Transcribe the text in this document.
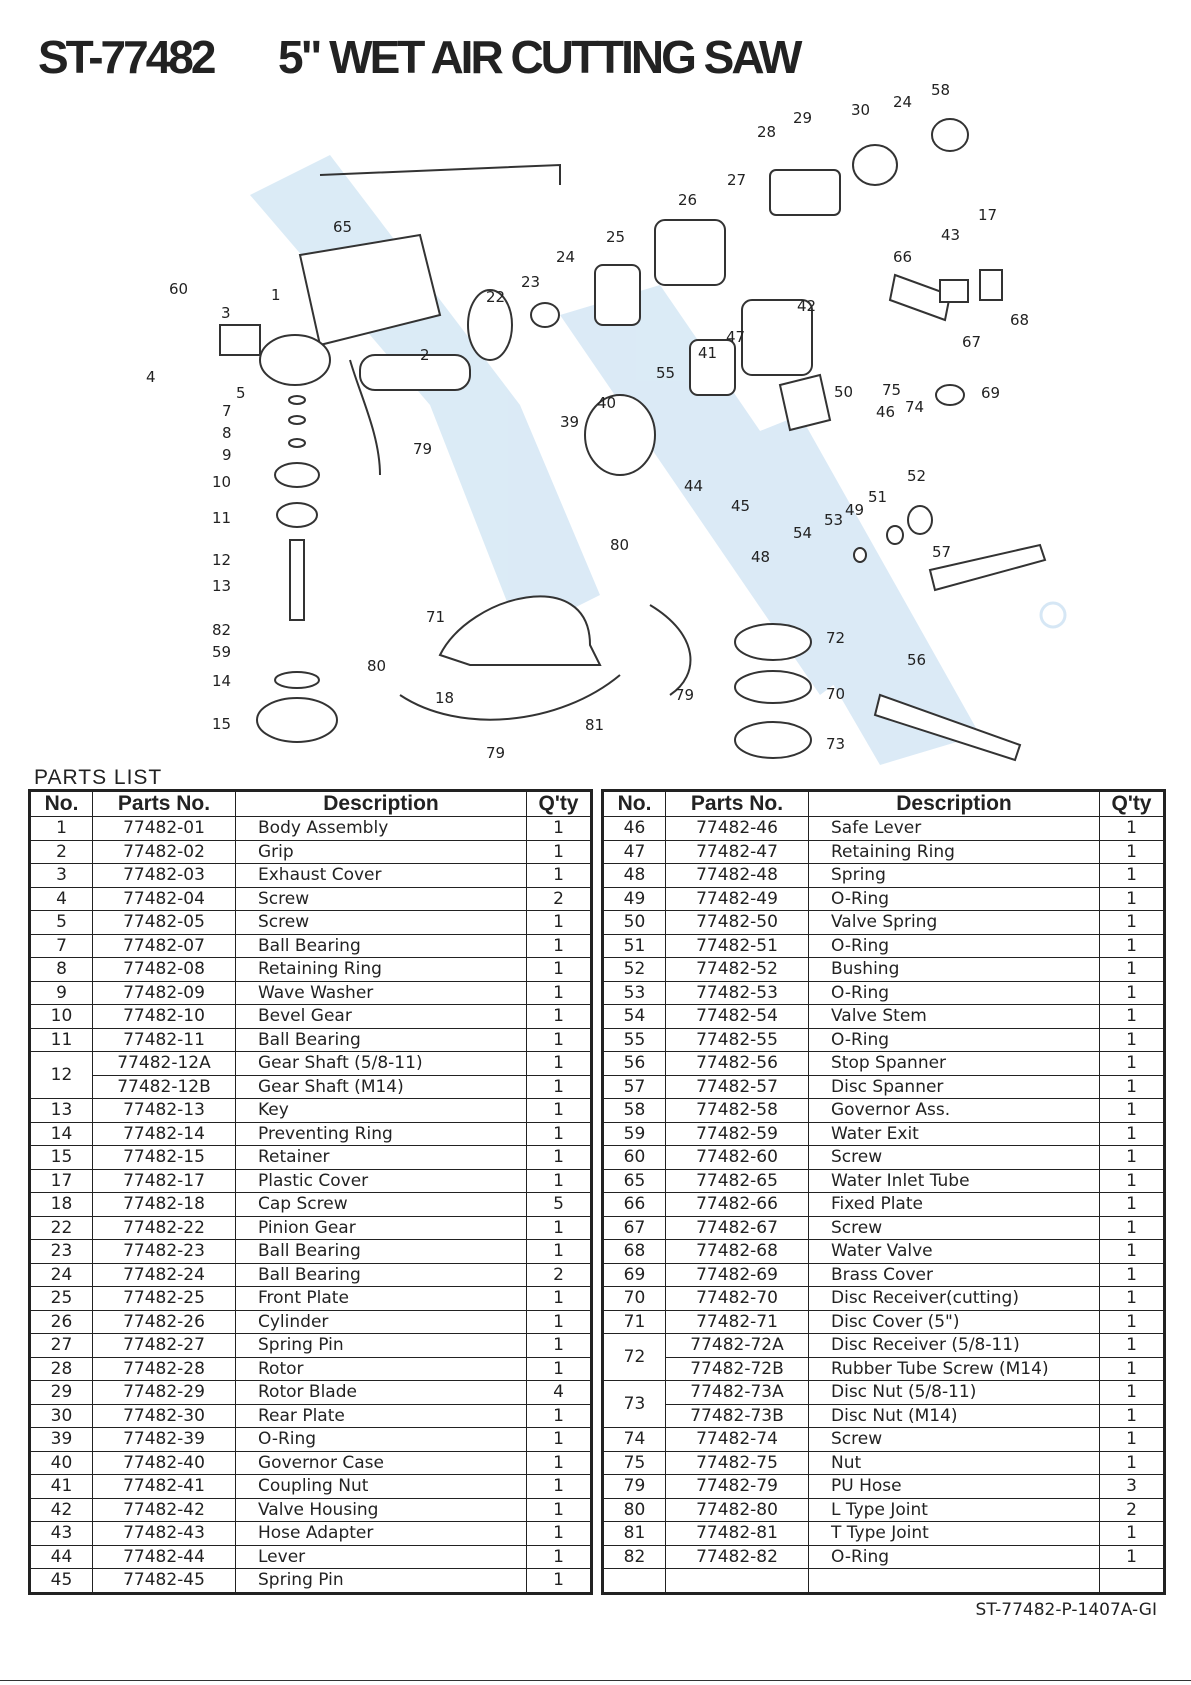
ST-77482 5" WET AIR CUTTING SAW
58
29	30 24
28
27
26
17
43
65
25
24	66
60	1	22
23
3	68
42
67
47
2	41
4
5
55
75
50
74
69
7	46
40
39
79
8
9
10	44
52
45	51
49
53
11
80
54
57
48
12
13
71
82
59
72
14
56
80
18	70
79
15	81
73
79
PARTS LIST
No.	Parts No.	Description	Q'ty
1	77482-01	Body Assembly	1
2	77482-02	Grip	1
3	77482-03	Exhaust Cover	1
4	77482-04	Screw	2
5	77482-05	Screw	1
7	77482-07	Ball Bearing	1
8	77482-08	Retaining Ring	1
9	77482-09	Wave Washer	1
10	77482-10	Bevel Gear	1
11	77482-11	Ball Bearing	1
12	77482-12A	Gear Shaft (5/8-11)	1
	77482-12B	Gear Shaft (M14)	1
13	77482-13	Key	1
14	77482-14	Preventing Ring	1
15	77482-15	Retainer	1
17	77482-17	Plastic Cover	1
18	77482-18	Cap Screw	5
22	77482-22	Pinion Gear	1
23	77482-23	Ball Bearing	1
24	77482-24	Ball Bearing	2
25	77482-25	Front Plate	1
26	77482-26	Cylinder	1
27	77482-27	Spring Pin	1
28	77482-28	Rotor	1
29	77482-29	Rotor Blade	4
30	77482-30	Rear Plate	1
39	77482-39	O-Ring	1
40	77482-40	Governor Case	1
41	77482-41	Coupling Nut	1
42	77482-42	Valve Housing	1
43	77482-43	Hose Adapter	1
44	77482-44	Lever	1
45	77482-45	Spring Pin	1
No.	Parts No.	Description	Q'ty
46	77482-46	Safe Lever	1
47	77482-47	Retaining Ring	1
48	77482-48	Spring	1
49	77482-49	O-Ring	1
50	77482-50	Valve Spring	1
51	77482-51	O-Ring	1
52	77482-52	Bushing	1
53	77482-53	O-Ring	1
54	77482-54	Valve Stem	1
55	77482-55	O-Ring	1
56	77482-56	Stop Spanner	1
57	77482-57	Disc Spanner	1
58	77482-58	Governor Ass.	1
59	77482-59	Water Exit	1
60	77482-60	Screw	1
65	77482-65	Water Inlet Tube	1
66	77482-66	Fixed Plate	1
67	77482-67	Screw	1
68	77482-68	Water Valve	1
69	77482-69	Brass Cover	1
70	77482-70	Disc Receiver(cutting)	1
71	77482-71	Disc Cover (5")	1
72	77482-72A	Disc Receiver (5/8-11)	1
	77482-72B	Rubber Tube Screw (M14)	1
73	77482-73A	Disc Nut (5/8-11)	1
	77482-73B	Disc Nut (M14)	1
74	77482-74	Screw	1
75	77482-75	Nut	1
79	77482-79	PU Hose	3
80	77482-80	L Type Joint	2
81	77482-81	T Type Joint	1
82	77482-82	O-Ring	1

ST-77482-P-1407A-GI
